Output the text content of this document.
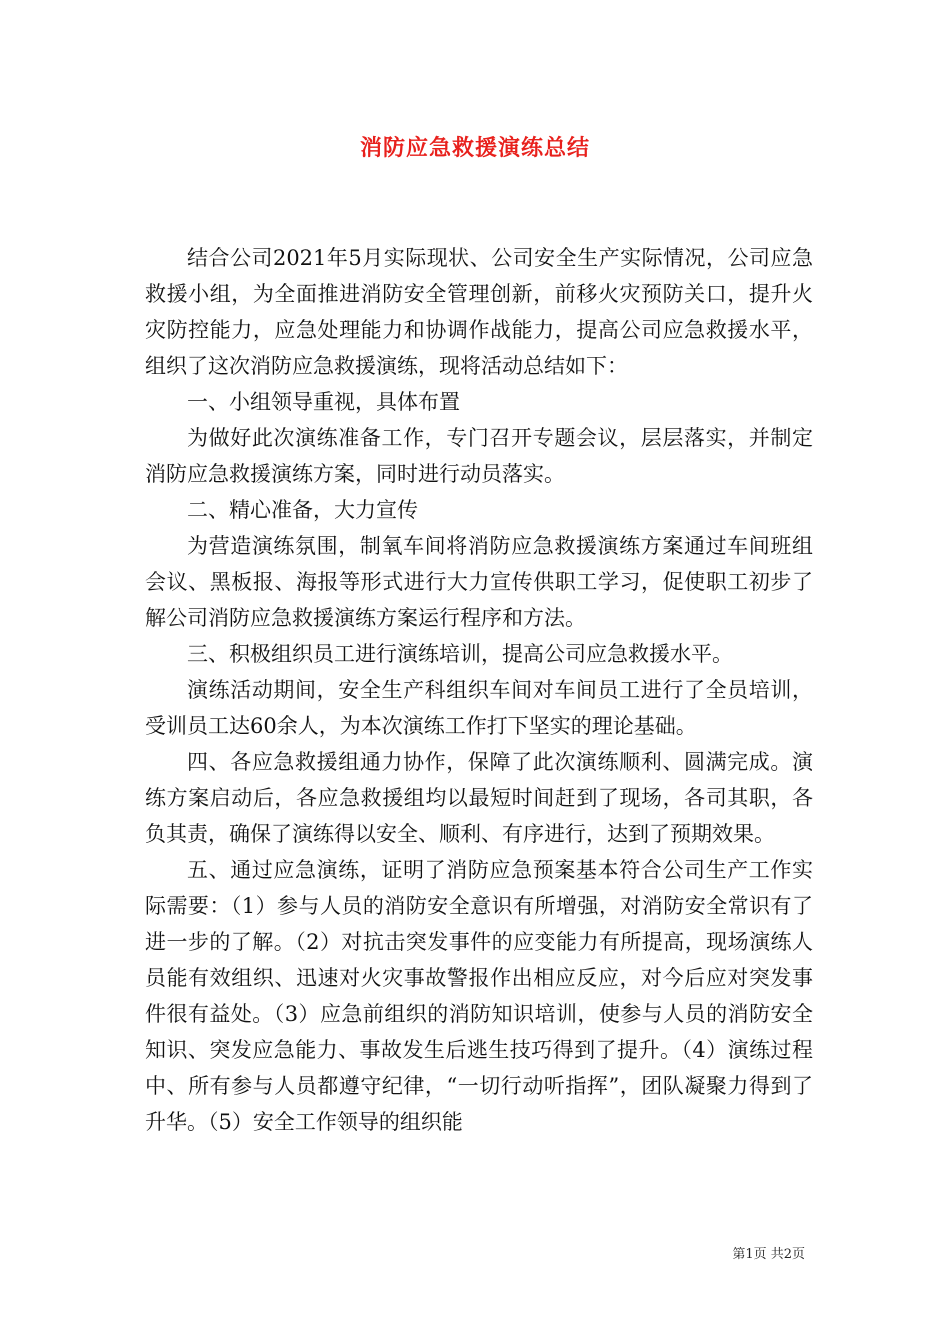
消防应急救援演练总结

结合公司2021年5月实际现状、公司安全生产实际情况，公司应急救援小组，为全面推进消防安全管理创新，前移火灾预防关口，提升火灾防控能力，应急处理能力和协调作战能力，提高公司应急救援水平，组织了这次消防应急救援演练，现将活动总结如下：

一、小组领导重视，具体布置

为做好此次演练准备工作，专门召开专题会议，层层落实，并制定消防应急救援演练方案，同时进行动员落实。

二、精心准备，大力宣传

为营造演练氛围，制氧车间将消防应急救援演练方案通过车间班组会议、黑板报、海报等形式进行大力宣传供职工学习，促使职工初步了解公司消防应急救援演练方案运行程序和方法。

三、积极组织员工进行演练培训，提高公司应急救援水平。

演练活动期间，安全生产科组织车间对车间员工进行了全员培训，受训员工达60余人，为本次演练工作打下坚实的理论基础。

四、各应急救援组通力协作，保障了此次演练顺利、圆满完成。演练方案启动后，各应急救援组均以最短时间赶到了现场，各司其职，各负其责，确保了演练得以安全、顺利、有序进行，达到了预期效果。

五、通过应急演练，证明了消防应急预案基本符合公司生产工作实际需要：（1）参与人员的消防安全意识有所增强，对消防安全常识有了进一步的了解。（2）对抗击突发事件的应变能力有所提高，现场演练人员能有效组织、迅速对火灾事故警报作出相应反应，对今后应对突发事件很有益处。（3）应急前组织的消防知识培训，使参与人员的消防安全知识、突发应急能力、事故发生后逃生技巧得到了提升。（4）演练过程中、所有参与人员都遵守纪律，“一切行动听指挥”，团队凝聚力得到了升华。（5）安全工作领导的组织能

第1页 共2页
